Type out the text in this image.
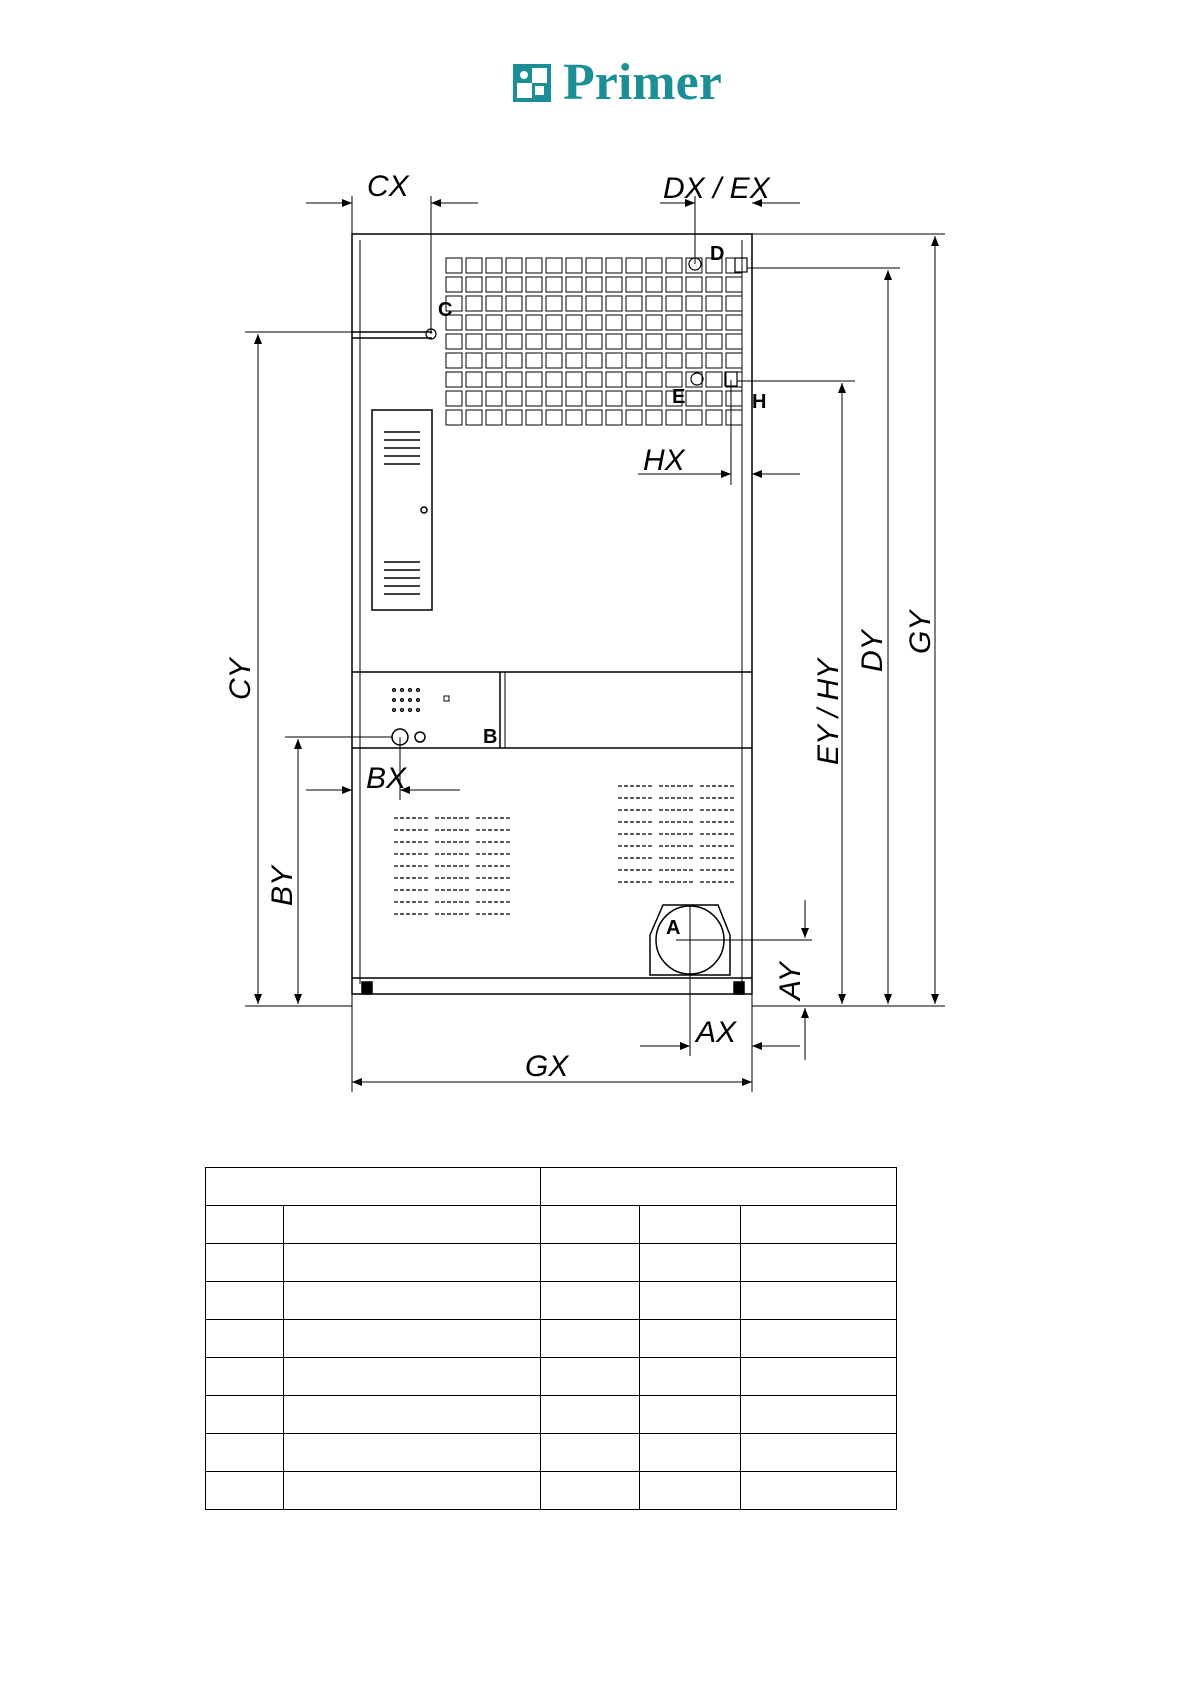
Primer
CX	DX / EX
HX
BX
AX
GX
CY
BY
EY / HY
DY GY
AY
A
B
C
D
E	H
